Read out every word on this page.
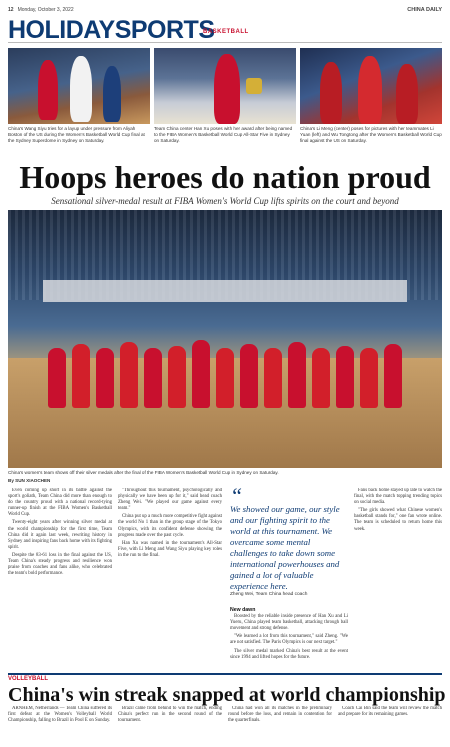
12 Monday, October 3, 2022	CHINA DAILY
HOLIDAYSPORTS
BASKETBALL
China's Wang Siyu tries for a layup under pressure from Aliyah Boston of the US during the Women's Basketball World Cup final at the Sydney Superdome in Sydney on Saturday.
Team China center Han Xu poses with her award after being named to the FIBA Women's Basketball World Cup All-Star Five in Sydney on Saturday.
China's Li Meng (center) poses for pictures with her teammates Li Yuan (left) and Wu Tongtong after the Women's Basketball World Cup final against the US on Saturday.
Hoops heroes do nation proud
Sensational silver-medal result at FIBA Women's World Cup lifts spirits on the court and beyond
China's women's team shows off their silver medals after the final of the FIBA Women's Basketball World Cup in Sydney on Saturday.
By SUN XIAOCHEN

Even coming up short in its battle against the sport's goliath, Team China did more than enough to do the country proud with a national record-tying runner-up finish at the FIBA Women's Basketball World Cup.

Twenty-eight years after winning silver medal at the world championship for the first time, Team China did it again last week, rewriting history in Sydney and inspiring fans back home with its fighting spirit.

Despite the 83-61 loss in the final against the US, Team China's steady progress and resilience won praise from coaches and fans alike, who celebrated the team's bold performance.

"Throughout this tournament, psychologically and physically we have been up for it," said head coach Zheng Wei. "We played our game against every team."

China put up a much more competitive fight against the world No 1 than in the group stage of the Tokyo Olympics, with its confident defense showing the progress made over the past cycle.

Han Xu was named in the tournament's All-Star Five, with Li Meng and Wang Siyu playing key roles in the run to the final.

“
We showed our game, our style and our fighting spirit to the world at this tournament. We overcame some mental challenges to take down some international powerhouses and gained a lot of valuable experience here.
Zheng Wei, Team China head coach
New dawn

Boosted by the reliable inside presence of Han Xu and Li Yueru, China played team basketball, attacking through ball movement and strong defense.

"We learned a lot from this tournament," said Zheng. "We are not satisfied. The Paris Olympics is our next target."

The silver medal marked China's best result at the event since 1994 and lifted hopes for the future.

Fans back home stayed up late to watch the final, with the match topping trending topics on social media.

"The girls showed what Chinese women's basketball stands for," one fan wrote online. The team is scheduled to return home this week.

VOLLEYBALL
China's win streak snapped at world championship

ARNHEM, Netherlands — Team China suffered its first defeat at the Women's Volleyball World Championship, falling to Brazil in Pool E on Sunday.

Brazil came from behind to win the match, ending China's perfect run in the second round of the tournament.

China had won all its matches in the preliminary round before the loss, and remain in contention for the quarterfinals.

Coach Cai Bin said the team will review the match and prepare for its remaining games.
